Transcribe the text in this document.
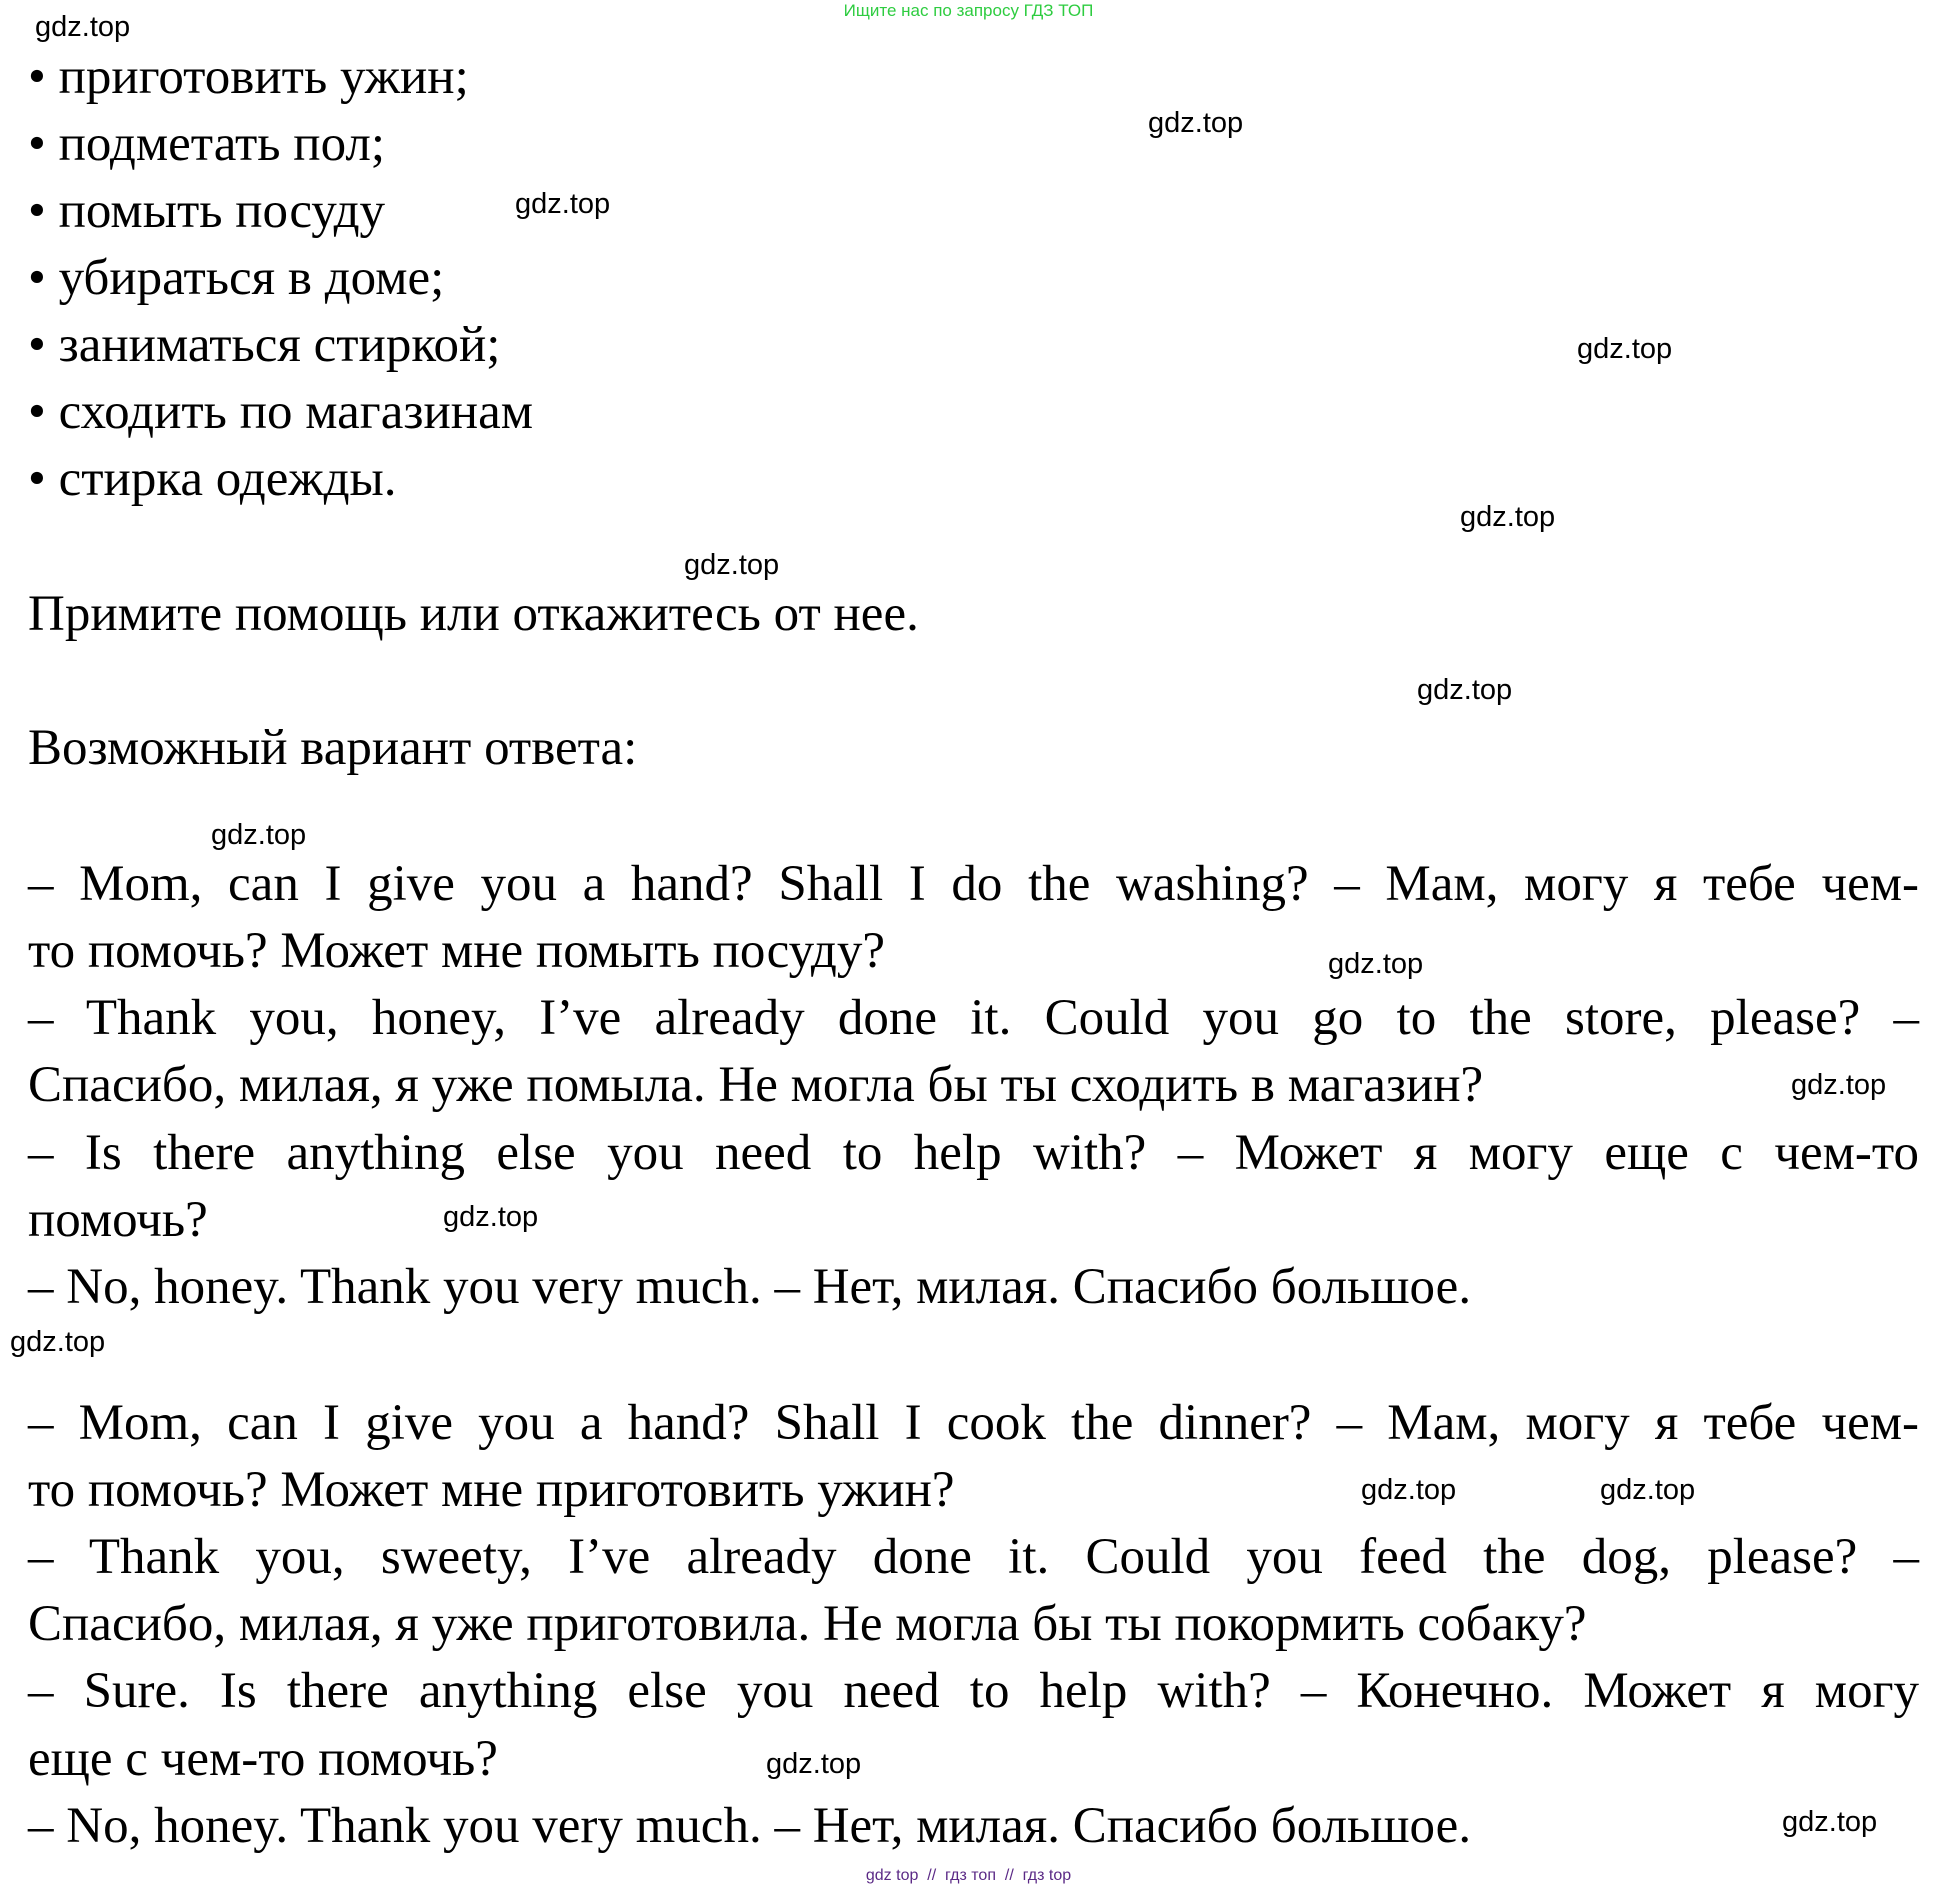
Ищите нас по запросу ГДЗ ТОП
• приготовить ужин;
• подметать пол;
• помыть посуду
• убираться в доме;
• заниматься стиркой;
• сходить по магазинам
• стирка одежды.
Примите помощь или откажитесь от нее.
Возможный вариант ответа:
– Mom, can I give you a hand? Shall I do the washing? – Мам, могу я тебе чем-
то помочь? Может мне помыть посуду?
– Thank you, honey, I’ve already done it. Could you go to the store, please? –
Спасибо, милая, я уже помыла. Не могла бы ты сходить в магазин?
– Is there anything else you need to help with? – Может я могу еще с чем-то
помочь?
– No, honey. Thank you very much. – Нет, милая. Спасибо большое.
– Mom, can I give you a hand? Shall I cook the dinner? – Мам, могу я тебе чем-
то помочь? Может мне приготовить ужин?
– Thank you, sweety, I’ve already done it. Could you feed the dog, please? –
Спасибо, милая, я уже приготовила. Не могла бы ты покормить собаку?
– Sure. Is there anything else you need to help with? – Конечно. Может я могу
еще с чем-то помочь?
– No, honey. Thank you very much. – Нет, милая. Спасибо большое.
gdz.top
gdz.top
gdz.top
gdz.top
gdz.top
gdz.top
gdz.top
gdz.top
gdz.top
gdz.top
gdz.top
gdz.top
gdz.top	gdz.top
gdz.top
gdz.top
gdz top  //  гдз топ  //  гдз top
